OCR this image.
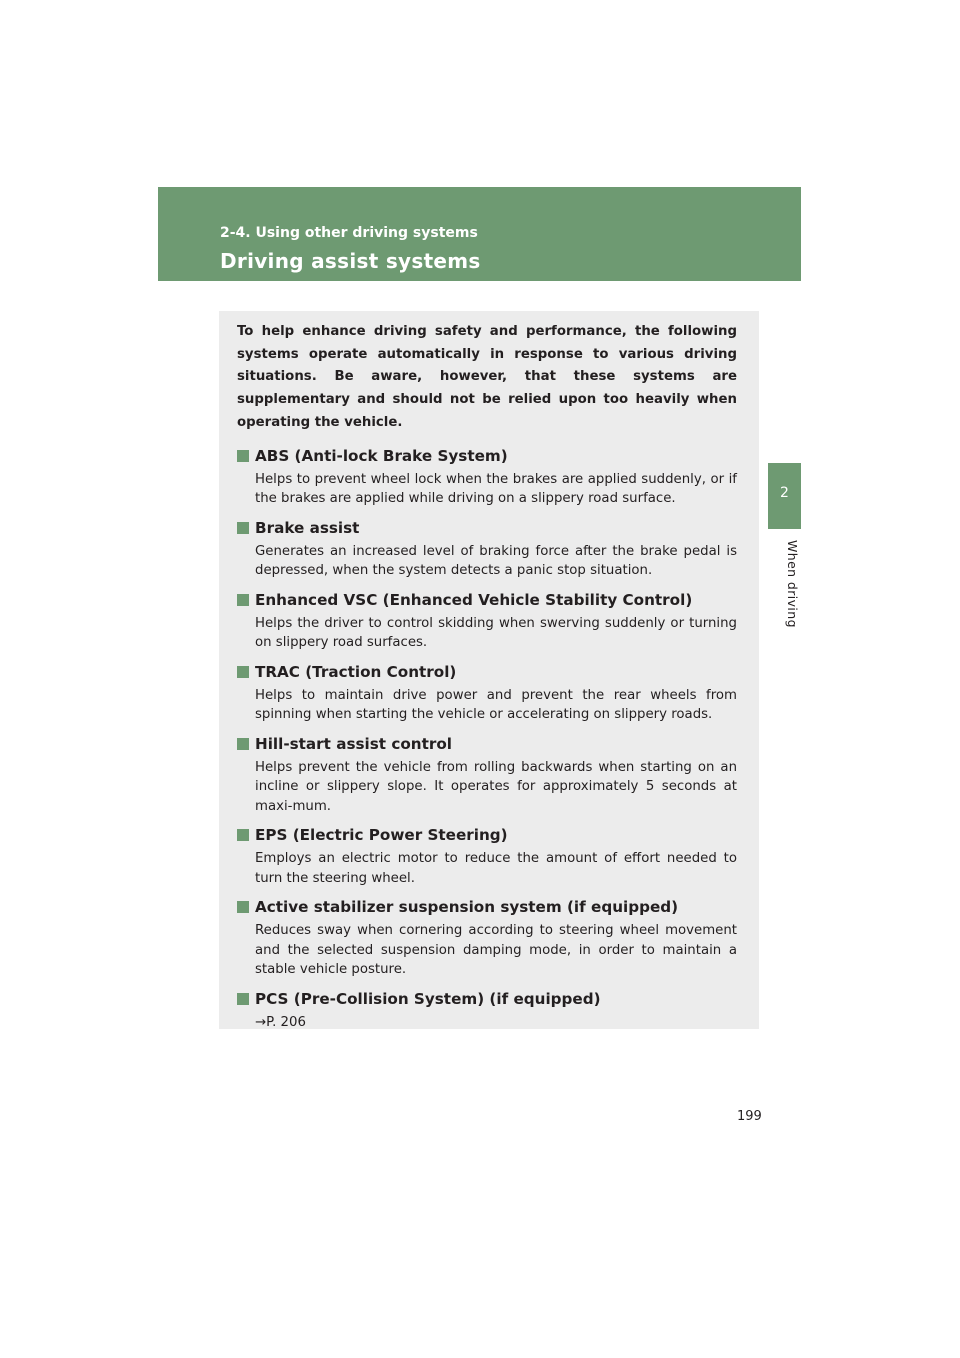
2-4. Using other driving systems
Driving assist systems
2
When driving

To help enhance driving safety and performance, the following systems operate automatically in response to various driving situations. Be aware, however, that these systems are supplementary and should not be relied upon too heavily when operating the vehicle.

ABS (Anti-lock Brake System)
Helps to prevent wheel lock when the brakes are applied suddenly, or if the brakes are applied while driving on a slippery road surface.
Brake assist
Generates an increased level of braking force after the brake pedal is depressed, when the system detects a panic stop situation.
Enhanced VSC (Enhanced Vehicle Stability Control)
Helps the driver to control skidding when swerving suddenly or turning on slippery road surfaces.
TRAC (Traction Control)
Helps to maintain drive power and prevent the rear wheels from spinning when starting the vehicle or accelerating on slippery roads.
Hill-start assist control
Helps prevent the vehicle from rolling backwards when starting on an incline or slippery slope. It operates for approximately 5 seconds at maxi-mum.
EPS (Electric Power Steering)
Employs an electric motor to reduce the amount of effort needed to turn the steering wheel.
Active stabilizer suspension system (if equipped)
Reduces sway when cornering according to steering wheel movement and the selected suspension damping mode, in order to maintain a stable vehicle posture.
PCS (Pre-Collision System) (if equipped)
→P. 206
199
